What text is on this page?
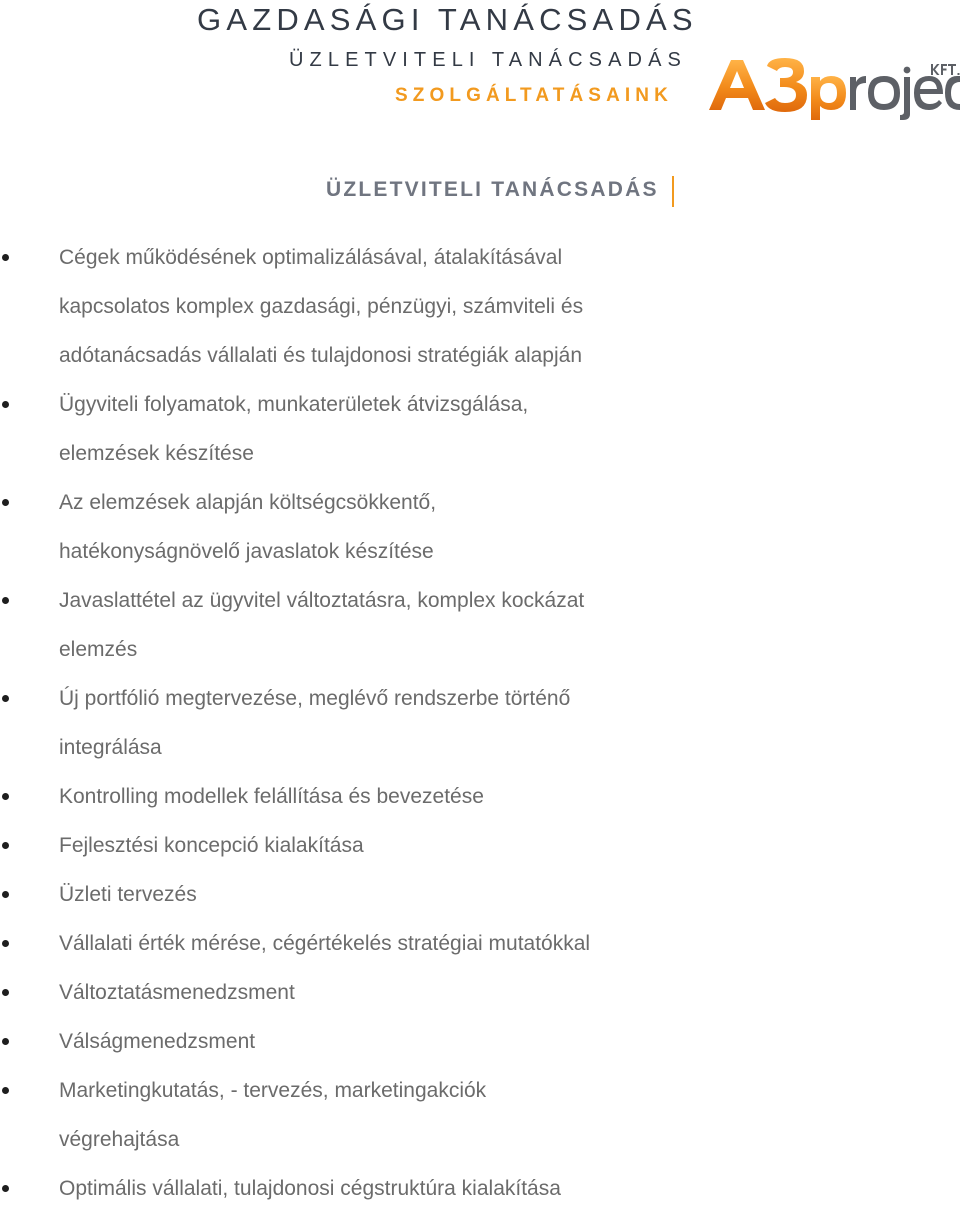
GAZDASÁGI TANÁCSADÁS
ÜZLETVITELI TANÁCSADÁS
SZOLGÁLTATÁSAINK
ÜZLETVITELI TANÁCSADÁS
Cégek működésének optimalizálásával, átalakításával
kapcsolatos komplex gazdasági, pénzügyi, számviteli és
adótanácsadás vállalati és tulajdonosi stratégiák alapján
Ügyviteli folyamatok, munkaterületek átvizsgálása,
elemzések készítése
Az elemzések alapján költségcsökkentő,
hatékonyságnövelő javaslatok készítése
Javaslattétel az ügyvitel változtatásra, komplex kockázat
elemzés
Új portfólió megtervezése, meglévő rendszerbe történő
integrálása
Kontrolling modellek felállítása és bevezetése
Fejlesztési koncepció kialakítása
Üzleti tervezés
Vállalati érték mérése, cégértékelés stratégiai mutatókkal
Változtatásmenedzsment
Válságmenedzsment
Marketingkutatás, - tervezés, marketingakciók
végrehajtása
Optimális vállalati, tulajdonosi cégstruktúra kialakítása
